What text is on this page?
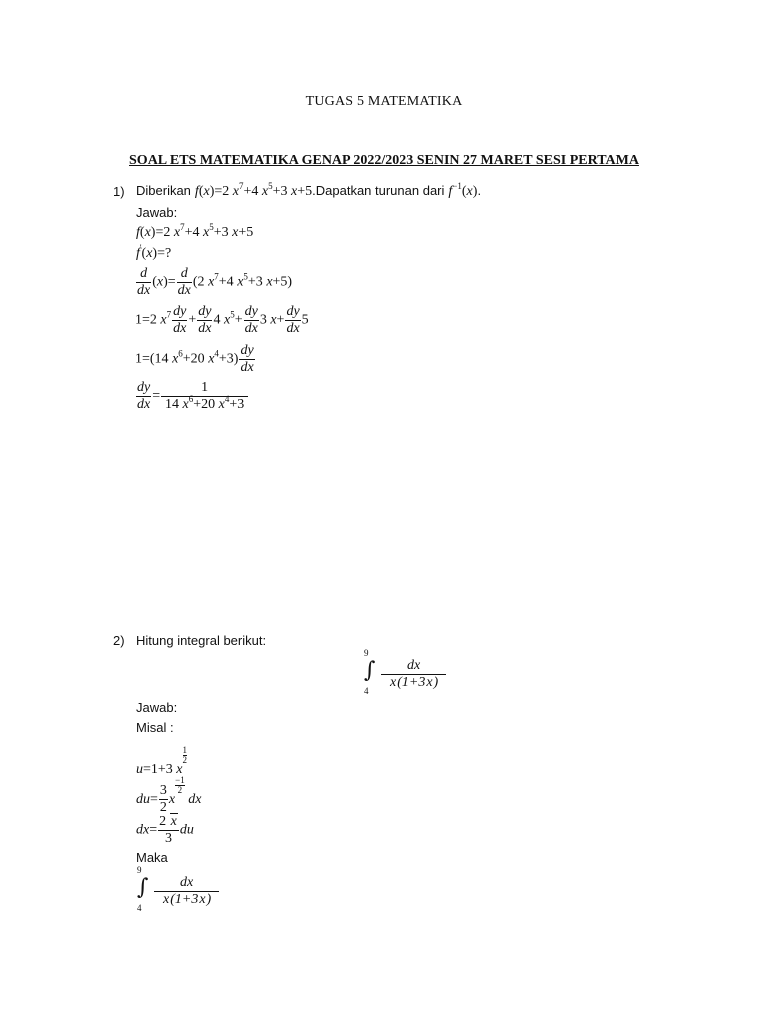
TUGAS 5 MATEMATIKA
SOAL ETS MATEMATIKA GENAP 2022/2023 SENIN 27 MARET SESI PERTAMA
1) Diberikan f(x)=2 $x^7+4$ $x^5+3$ x+5.Dapatkan turunan dari $f^{-1}(x)$.
Jawab:
f(x)=2 $x^7+4$ $x^5+3$ x+5
f'(x)=?
$\frac{d}{dx} (x)= \frac{d}{dx} (2$ $x^7+4$ $x^5+3$ x+5)
1=2 $x^7 \frac{dy}{dx} + \frac{dy}{dx} 4$ $x^5+ \frac{dy}{dx} 3$ $x+ \frac{dy}{dx} 5$
1=(14 $x^6+20$ $x^4+3) \frac{dy}{dx}$
$\frac{dy}{dx} = \frac{1}{14 x^6+20 x^4+3}$
2) Hitung integral berikut:
9
∫
4
$\frac{dx}{x(1+3x)}$
Jawab:
Misal :
u=1+3 x
$\frac{1}{2}$
$du= \frac{3}{2}$ x
$\frac{-1}{2}$
dx
$dx= \frac{2 x}{3}$ du
Maka
9
∫
4
$\frac{dx}{x(1+3x)}$
